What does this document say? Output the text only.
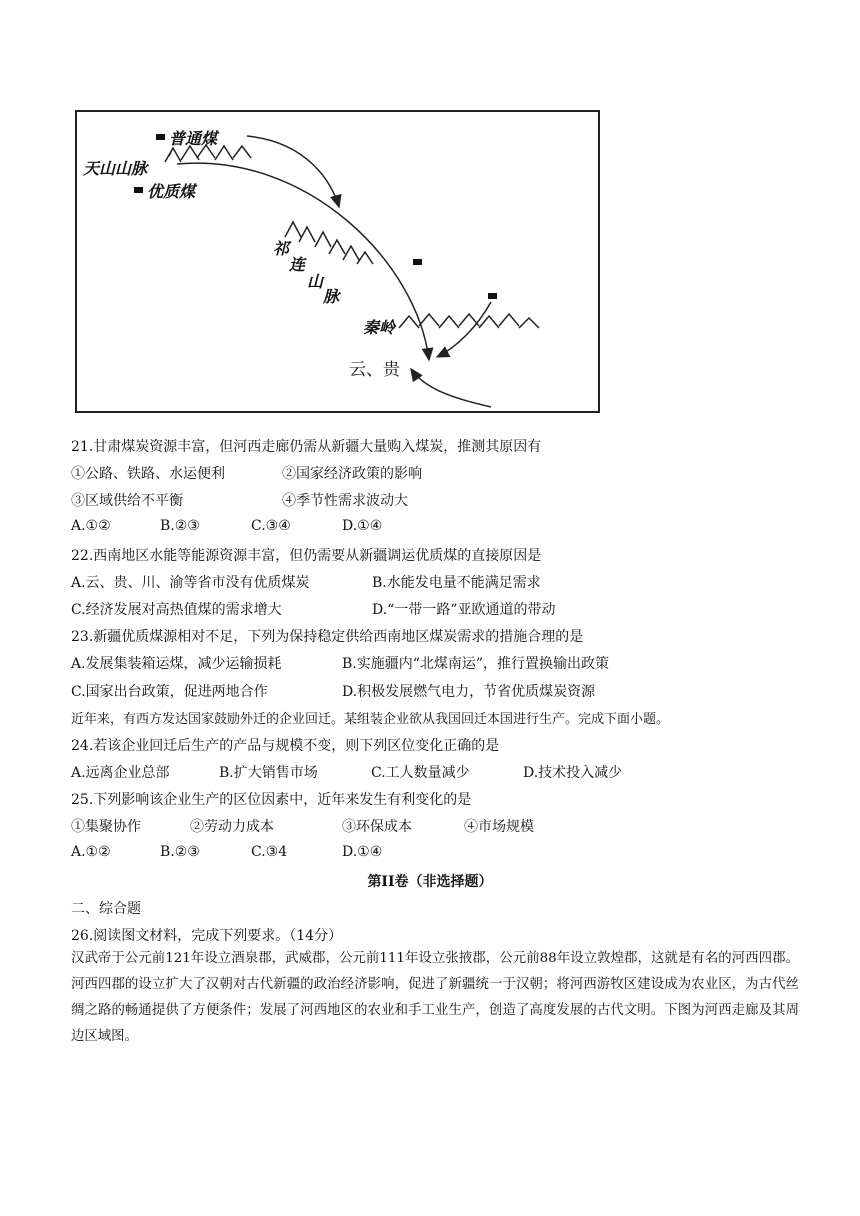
普通煤
天山山脉
优质煤
祁
连
山
脉
秦岭
云、贵
21.甘肃煤炭资源丰富，但河西走廊仍需从新疆大量购入煤炭，推测其原因有
①公路、铁路、水运便利	②国家经济政策的影响
③区域供给不平衡	④季节性需求波动大
A.①②	B.②③	C.③④	D.①④
22.西南地区水能等能源资源丰富，但仍需要从新疆调运优质煤的直接原因是
A.云、贵、川、渝等省市没有优质煤炭	B.水能发电量不能满足需求
C.经济发展对高热值煤的需求增大	D.“一带一路”亚欧通道的带动
23.新疆优质煤源相对不足，下列为保持稳定供给西南地区煤炭需求的措施合理的是
A.发展集装箱运煤，减少运输损耗	B.实施疆内“北煤南运”，推行置换输出政策
C.国家出台政策，促进两地合作	D.积极发展燃气电力，节省优质煤炭资源
近年来，有西方发达国家鼓励外迁的企业回迁。某组装企业欲从我国回迁本国进行生产。完成下面小题。
24.若该企业回迁后生产的产品与规模不变，则下列区位变化正确的是
A.远离企业总部	B.扩大销售市场	C.工人数量减少	D.技术投入减少
25.下列影响该企业生产的区位因素中，近年来发生有利变化的是
①集聚协作	②劳动力成本	③环保成本	④市场规模
A.①②	B.②③	C.③4	D.①④
第II卷（非选择题）
二、综合题
26.阅读图文材料，完成下列要求。（14分）
汉武帝于公元前121年设立酒泉郡，武威郡，公元前111年设立张掖郡，公元前88年设立敦煌郡，这就是有名的河西四郡。河西四郡的设立扩大了汉朝对古代新疆的政治经济影响，促进了新疆统一于汉朝；将河西游牧区建设成为农业区，为古代丝绸之路的畅通提供了方便条件；发展了河西地区的农业和手工业生产，创造了高度发展的古代文明。下图为河西走廊及其周边区域图。
